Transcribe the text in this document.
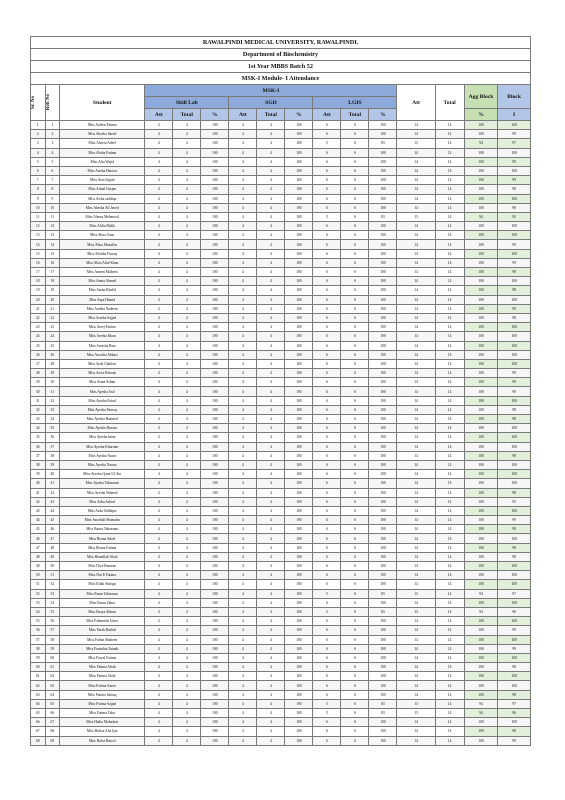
RAWALPINDI MEDICAL UNIVERSITY, RAWALPINDI.															
Department of Biochemistry															
1st Year MBBS Batch 52															
MSK-I Module- I Attendance															

Sr. No	Roll No	Student	MSK-I									Att	Total	Agg Block	Block
			Skill Lab			SGD			LGIS						
			Att	Total	%	Att	Total	%	Att	Total	%			%	I
1	1	Miss Aaleen Fatima	4	4	100	4	4	100	6	6	100	14	14	100	100
2	2	Miss Abeeha Saeed	4	4	100	4	4	100	6	6	100	14	14	100	99
3	3	Miss Abeera Adeel	4	4	100	4	4	100	5	6	83	13	14	94	97
4	4	Miss Absha Fatima	4	4	100	4	4	100	6	6	100	14	14	100	100
5	5	Miss Afia Wajid	4	4	100	4	4	100	6	6	100	14	14	100	99
6	6	Miss Aiesha Haroon	4	4	100	4	4	100	6	6	100	14	14	100	100
7	7	Miss Aiza Sajjad	4	4	100	4	4	100	6	6	100	14	14	100	99
8	8	Miss Aimal Gurjan	4	4	100	4	4	100	6	6	100	14	14	100	98
9	9	Miss Aisha saddiqa	4	4	100	4	4	100	6	6	100	14	14	100	100
10	10	Miss Akesha Ali Javed	4	4	100	4	4	100	6	6	100	14	14	100	98
11	11	Miss Aleeza Mehmood	4	4	100	4	4	100	5	6	83	13	14	94	92
12	12	Miss Alifia Malik	4	4	100	4	4	100	6	6	100	14	14	100	100
13	13	Miss Alina Asim	4	4	100	4	4	100	6	6	100	14	14	100	100
14	14	Miss Alina Muzaffar	4	4	100	4	4	100	6	6	100	14	14	100	99
15	15	Miss Alishba Farooq	4	4	100	4	4	100	6	6	100	14	14	100	100
16	16	Miss Aliza Altaf Khan	4	4	100	4	4	100	6	6	100	14	14	100	99
17	17	Miss Ameen Mubeen	4	4	100	4	4	100	6	6	100	14	14	100	98
18	18	Miss Amna Ahmed	4	4	100	4	4	100	6	6	100	14	14	100	100
19	19	Miss Amna Khalid	4	4	100	4	4	100	6	6	100	14	14	100	98
20	20	Miss Aqsa Hamid	4	4	100	4	4	100	6	6	100	14	14	100	100
21	21	Miss Areeba Nadeem	4	4	100	4	4	100	6	6	100	14	14	100	99
22	22	Miss Areeba Sajjad	4	4	100	4	4	100	6	6	100	14	14	100	98
23	23	Miss Areej Fatima	4	4	100	4	4	100	6	6	100	14	14	100	100
24	24	Miss Areeka Khan	4	4	100	4	4	100	6	6	100	14	14	100	100
25	25	Miss Areesha Riaz	4	4	100	4	4	100	6	6	100	14	14	100	100
26	26	Miss Aroosha Abbasi	4	4	100	4	4	100	6	6	100	14	14	100	100
27	28	Miss Ayda Ghaffari	4	4	100	4	4	100	6	6	100	14	14	100	100
28	29	Miss Azwa Rizwan	4	4	100	4	4	100	6	6	100	14	14	100	99
29	30	Miss Asma Aslam	4	4	100	4	4	100	6	6	100	14	14	100	99
30	31	Miss Ayesha Asif	4	4	100	4	4	100	6	6	100	14	14	100	99
31	32	Miss Ayesha Faisal	4	4	100	4	4	100	6	6	100	14	14	100	100
32	33	Miss Ayesha Farooq	4	4	100	4	4	100	6	6	100	14	14	100	98
33	34	Miss Ayesha Hameed	4	4	100	4	4	100	6	6	100	14	14	100	98
34	35	Miss Ayesha Hassan	4	4	100	4	4	100	6	6	100	14	14	100	100
35	36	Miss Ayesha Iman	4	4	100	4	4	100	6	6	100	14	14	100	100
36	37	Miss Ayesha Khurram	4	4	100	4	4	100	6	6	100	14	14	100	100
37	38	Miss Ayesha Nasar	4	4	100	4	4	100	6	6	100	14	14	100	98
38	39	Miss Ayesha Nawaz	4	4	100	4	4	100	6	6	100	14	14	100	100
39	40	Miss Ayesha Qurat Ul Ain	4	4	100	4	4	100	6	6	100	14	14	100	100
40	41	Miss Ayesha Tabassum	4	4	100	4	4	100	6	6	100	14	14	100	100
41	42	Miss Ayesha Waheed	4	4	100	4	4	100	6	6	100	14	14	100	98
42	43	Miss Azka Ashraf	4	4	100	4	4	100	6	6	100	14	14	100	95
43	44	Miss Azka Siddique	4	4	100	4	4	100	6	6	100	14	14	100	100
44	45	Miss Azoobah Shamaim	4	4	100	4	4	100	6	6	100	14	14	100	99
45	46	Miss Barira Tabassum	4	4	100	4	4	100	6	6	100	14	14	100	99
46	47	Miss Bisma Adeel	4	4	100	4	4	100	6	6	100	14	14	100	100
47	48	Miss Bisma Fatima	4	4	100	4	4	100	6	6	100	14	14	100	98
48	49	Miss Bismillah Afzal	4	4	100	4	4	100	6	6	100	14	14	100	98
49	50	Miss Diya Ramzan	4	4	100	4	4	100	6	6	100	14	14	100	100
50	51	Miss Dur E Fatima	4	4	100	4	4	100	6	6	100	14	14	100	100
51	52	Miss Eflah Shafqat	4	4	100	4	4	100	6	6	100	14	14	100	100
52	53	Miss Eman Tabassum	4	4	100	4	4	100	5	6	83	13	14	94	97
53	54	Miss Eman Zahra	4	4	100	4	4	100	6	6	100	14	14	100	100
54	55	Miss Enaya Abbasi	4	4	100	4	4	100	5	6	83	13	14	94	96
55	56	Miss Fahmeeda Umer	4	4	100	4	4	100	6	6	100	14	14	100	100
56	57	Miss Farah Rashid	4	4	100	4	4	100	6	6	100	14	14	100	99
57	58	Miss Farhat Shaheen	4	4	100	4	4	100	6	6	100	14	14	100	100
58	59	Miss Fartashia Zainab	4	4	100	4	4	100	6	6	100	14	14	100	99
59	60	Miss Faryal Fatima	4	4	100	4	4	100	6	6	100	14	14	100	100
60	61	Miss Fatima Aftab	4	4	100	4	4	100	6	6	100	14	14	100	98
61	62	Miss Fatima Afzal	4	4	100	4	4	100	6	6	100	14	14	100	100
62	63	Miss Fatima Anees	4	4	100	4	4	100	6	6	100	14	14	100	100
63	64	Miss Fatima Ishtiaq	4	4	100	4	4	100	6	6	100	14	14	100	98
64	65	Miss Fatima Sajjad	4	4	100	4	4	100	5	6	83	13	14	94	97
65	66	Miss Fatima Tahir	4	4	100	4	4	100	5	6	83	13	14	94	96
66	67	Miss Hadia Mobashar	4	4	100	4	4	100	6	6	100	14	14	100	100
67	68	Miss Hafiza Alia Ijaz	4	4	100	4	4	100	6	6	100	14	14	100	98
68	69	Miss Hafsa Batool	4	4	100	4	4	100	6	6	100	14	14	100	99
